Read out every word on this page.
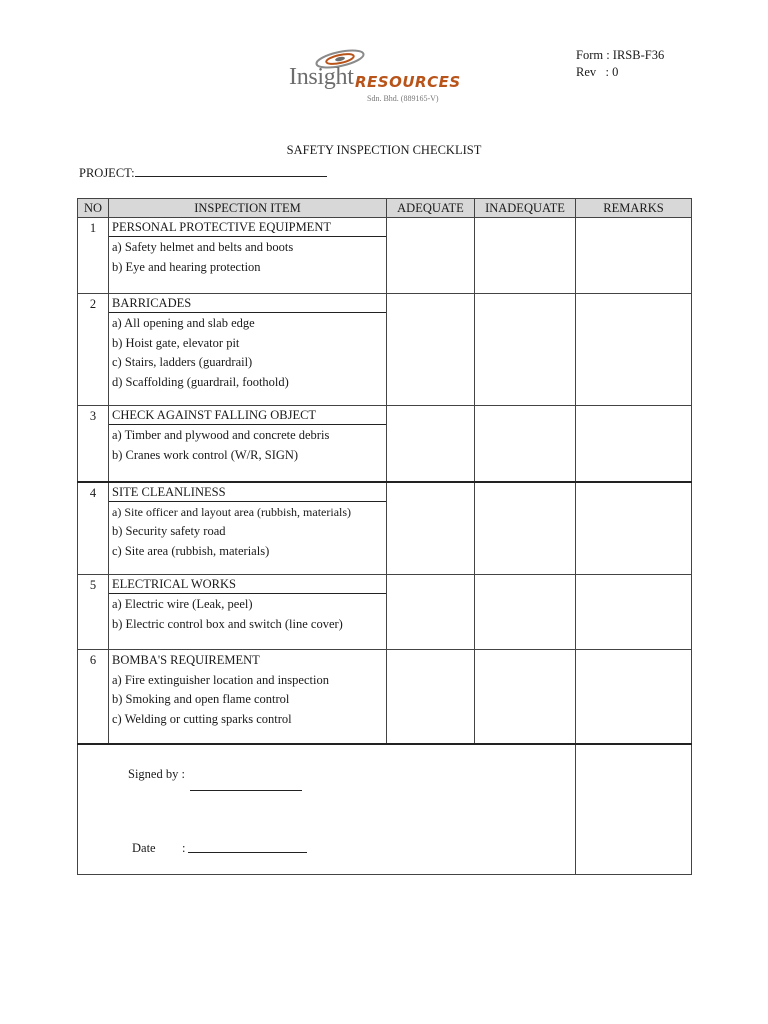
Insight RESOURCES
Sdn. Bhd. (889165-V)
Form : IRSB-F36
Rev   : 0
SAFETY INSPECTION CHECKLIST
PROJECT:
NO	INSPECTION ITEM	ADEQUATE	INADEQUATE	REMARKS
1	PERSONAL PROTECTIVE EQUIPMENT
a) Safety helmet and belts and boots
b) Eye and hearing protection			

2	BARRICADES
a) All opening and slab edge
b) Hoist gate, elevator pit
c) Stairs, ladders (guardrail)
d) Scaffolding (guardrail, foothold)			

3	CHECK AGAINST FALLING OBJECT
a) Timber and plywood and concrete debris
b) Cranes work control (W/R, SIGN)			

4	SITE CLEANLINESS
a) Site officer and layout area (rubbish, materials)
b) Security safety road
c) Site area (rubbish, materials)			

5	ELECTRICAL WORKS
a) Electric wire (Leak, peel)
b) Electric control box and switch (line cover)			

6	BOMBA'S REQUIREMENT
a) Fire extinguisher location and inspection
b) Smoking and open flame control
c) Welding or cutting sparks control			

Signed by :
Date :				
